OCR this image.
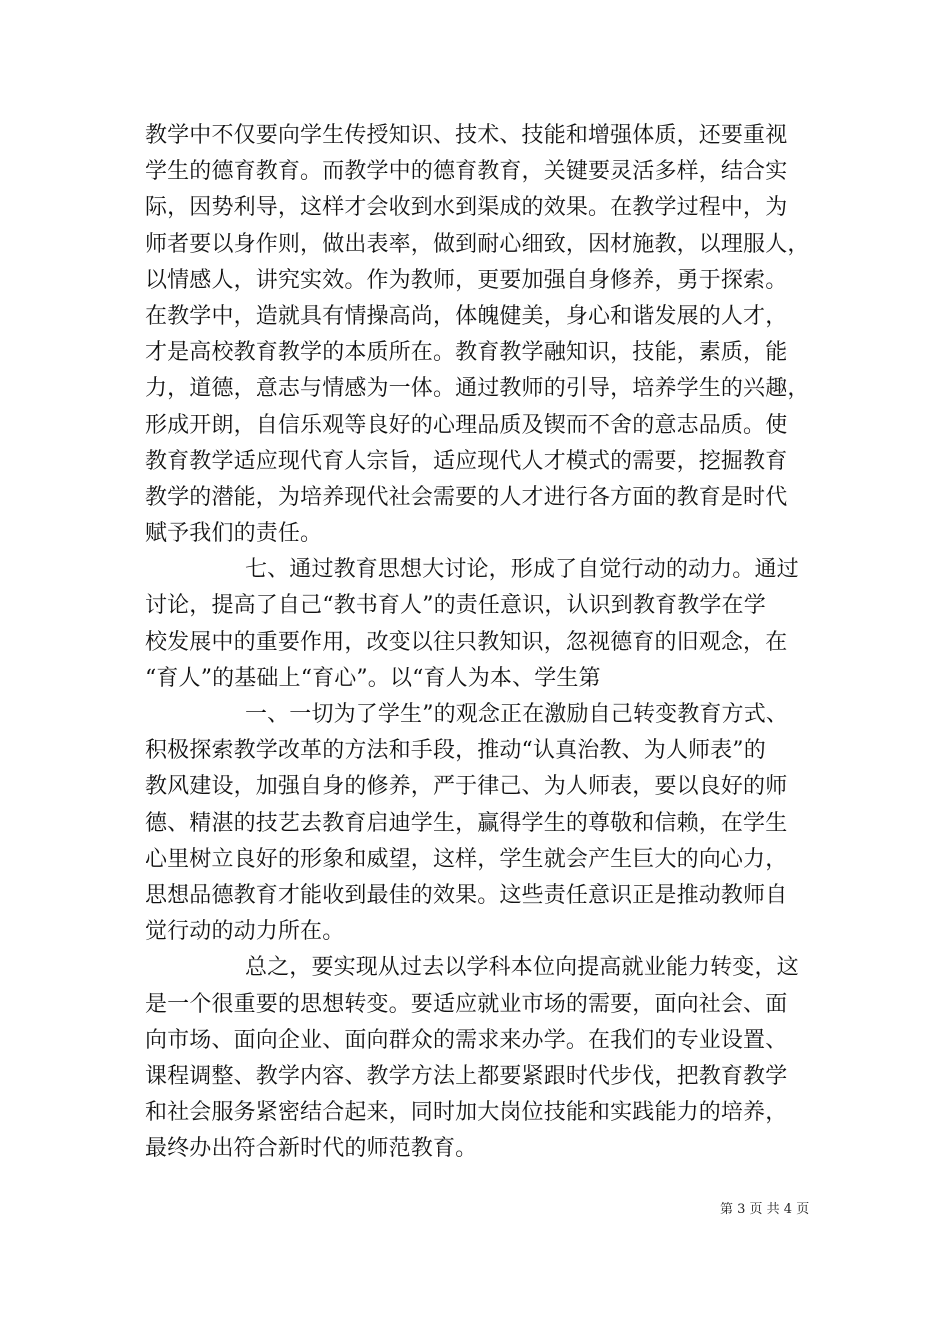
教学中不仅要向学生传授知识、技术、技能和增强体质，还要重视
学生的德育教育。而教学中的德育教育，关键要灵活多样，结合实
际，因势利导，这样才会收到水到渠成的效果。在教学过程中，为
师者要以身作则，做出表率，做到耐心细致，因材施教，以理服人，
以情感人，讲究实效。作为教师，更要加强自身修养，勇于探索。
在教学中，造就具有情操高尚，体魄健美，身心和谐发展的人才，
才是高校教育教学的本质所在。教育教学融知识，技能，素质，能
力，道德，意志与情感为一体。通过教师的引导，培养学生的兴趣，
形成开朗，自信乐观等良好的心理品质及锲而不舍的意志品质。使
教育教学适应现代育人宗旨，适应现代人才模式的需要，挖掘教育
教学的潜能，为培养现代社会需要的人才进行各方面的教育是时代
赋予我们的责任。
七、通过教育思想大讨论，形成了自觉行动的动力。通过
讨论，提高了自己“教书育人”的责任意识，认识到教育教学在学
校发展中的重要作用，改变以往只教知识，忽视德育的旧观念，在
“育人”的基础上“育心”。以“育人为本、学生第
一、一切为了学生”的观念正在激励自己转变教育方式、
积极探索教学改革的方法和手段，推动“认真治教、为人师表”的
教风建设，加强自身的修养，严于律己、为人师表，要以良好的师
德、精湛的技艺去教育启迪学生，赢得学生的尊敬和信赖，在学生
心里树立良好的形象和威望，这样，学生就会产生巨大的向心力，
思想品德教育才能收到最佳的效果。这些责任意识正是推动教师自
觉行动的动力所在。
总之，要实现从过去以学科本位向提高就业能力转变，这
是一个很重要的思想转变。要适应就业市场的需要，面向社会、面
向市场、面向企业、面向群众的需求来办学。在我们的专业设置、
课程调整、教学内容、教学方法上都要紧跟时代步伐，把教育教学
和社会服务紧密结合起来，同时加大岗位技能和实践能力的培养，
最终办出符合新时代的师范教育。
第 3 页 共 4 页
